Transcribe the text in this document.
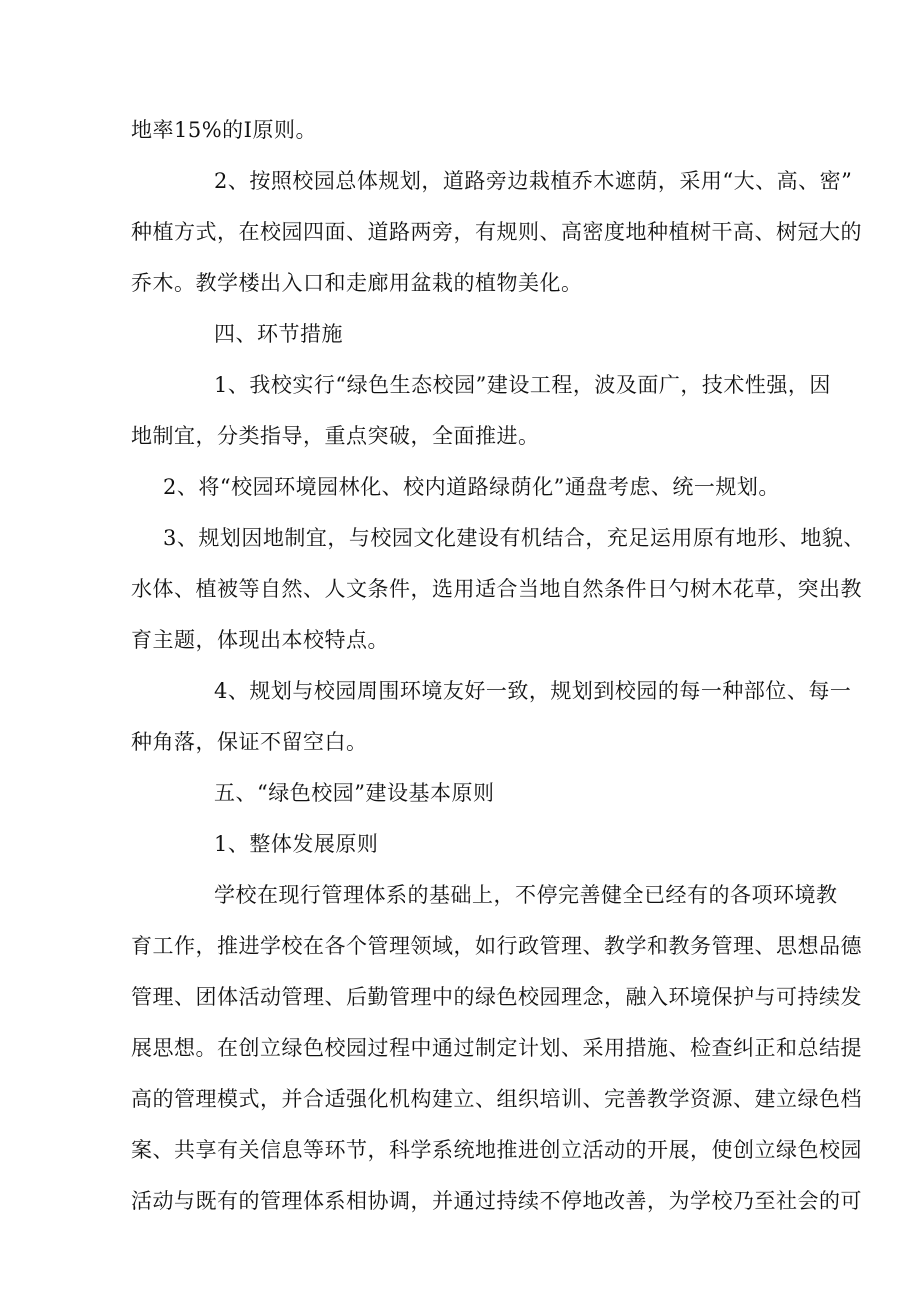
地率15%的I原则。
2、按照校园总体规划，道路旁边栽植乔木遮荫，采用“大、高、密”
种植方式，在校园四面、道路两旁，有规则、高密度地种植树干高、树冠大的
乔木。教学楼出入口和走廊用盆栽的植物美化。
四、环节措施
1、我校实行“绿色生态校园”建设工程，波及面广，技术性强，因
地制宜，分类指导，重点突破，全面推进。
2、将“校园环境园林化、校内道路绿荫化”通盘考虑、统一规划。
3、规划因地制宜，与校园文化建设有机结合，充足运用原有地形、地貌、
水体、植被等自然、人文条件，选用适合当地自然条件日勺树木花草，突出教
育主题，体现出本校特点。
4、规划与校园周围环境友好一致，规划到校园的每一种部位、每一
种角落，保证不留空白。
五、“绿色校园”建设基本原则
1、整体发展原则
学校在现行管理体系的基础上，不停完善健全已经有的各项环境教
育工作，推进学校在各个管理领域，如行政管理、教学和教务管理、思想品德
管理、团体活动管理、后勤管理中的绿色校园理念，融入环境保护与可持续发
展思想。在创立绿色校园过程中通过制定计划、采用措施、检查纠正和总结提
高的管理模式，并合适强化机构建立、组织培训、完善教学资源、建立绿色档
案、共享有关信息等环节，科学系统地推进创立活动的开展，使创立绿色校园
活动与既有的管理体系相协调，并通过持续不停地改善，为学校乃至社会的可
